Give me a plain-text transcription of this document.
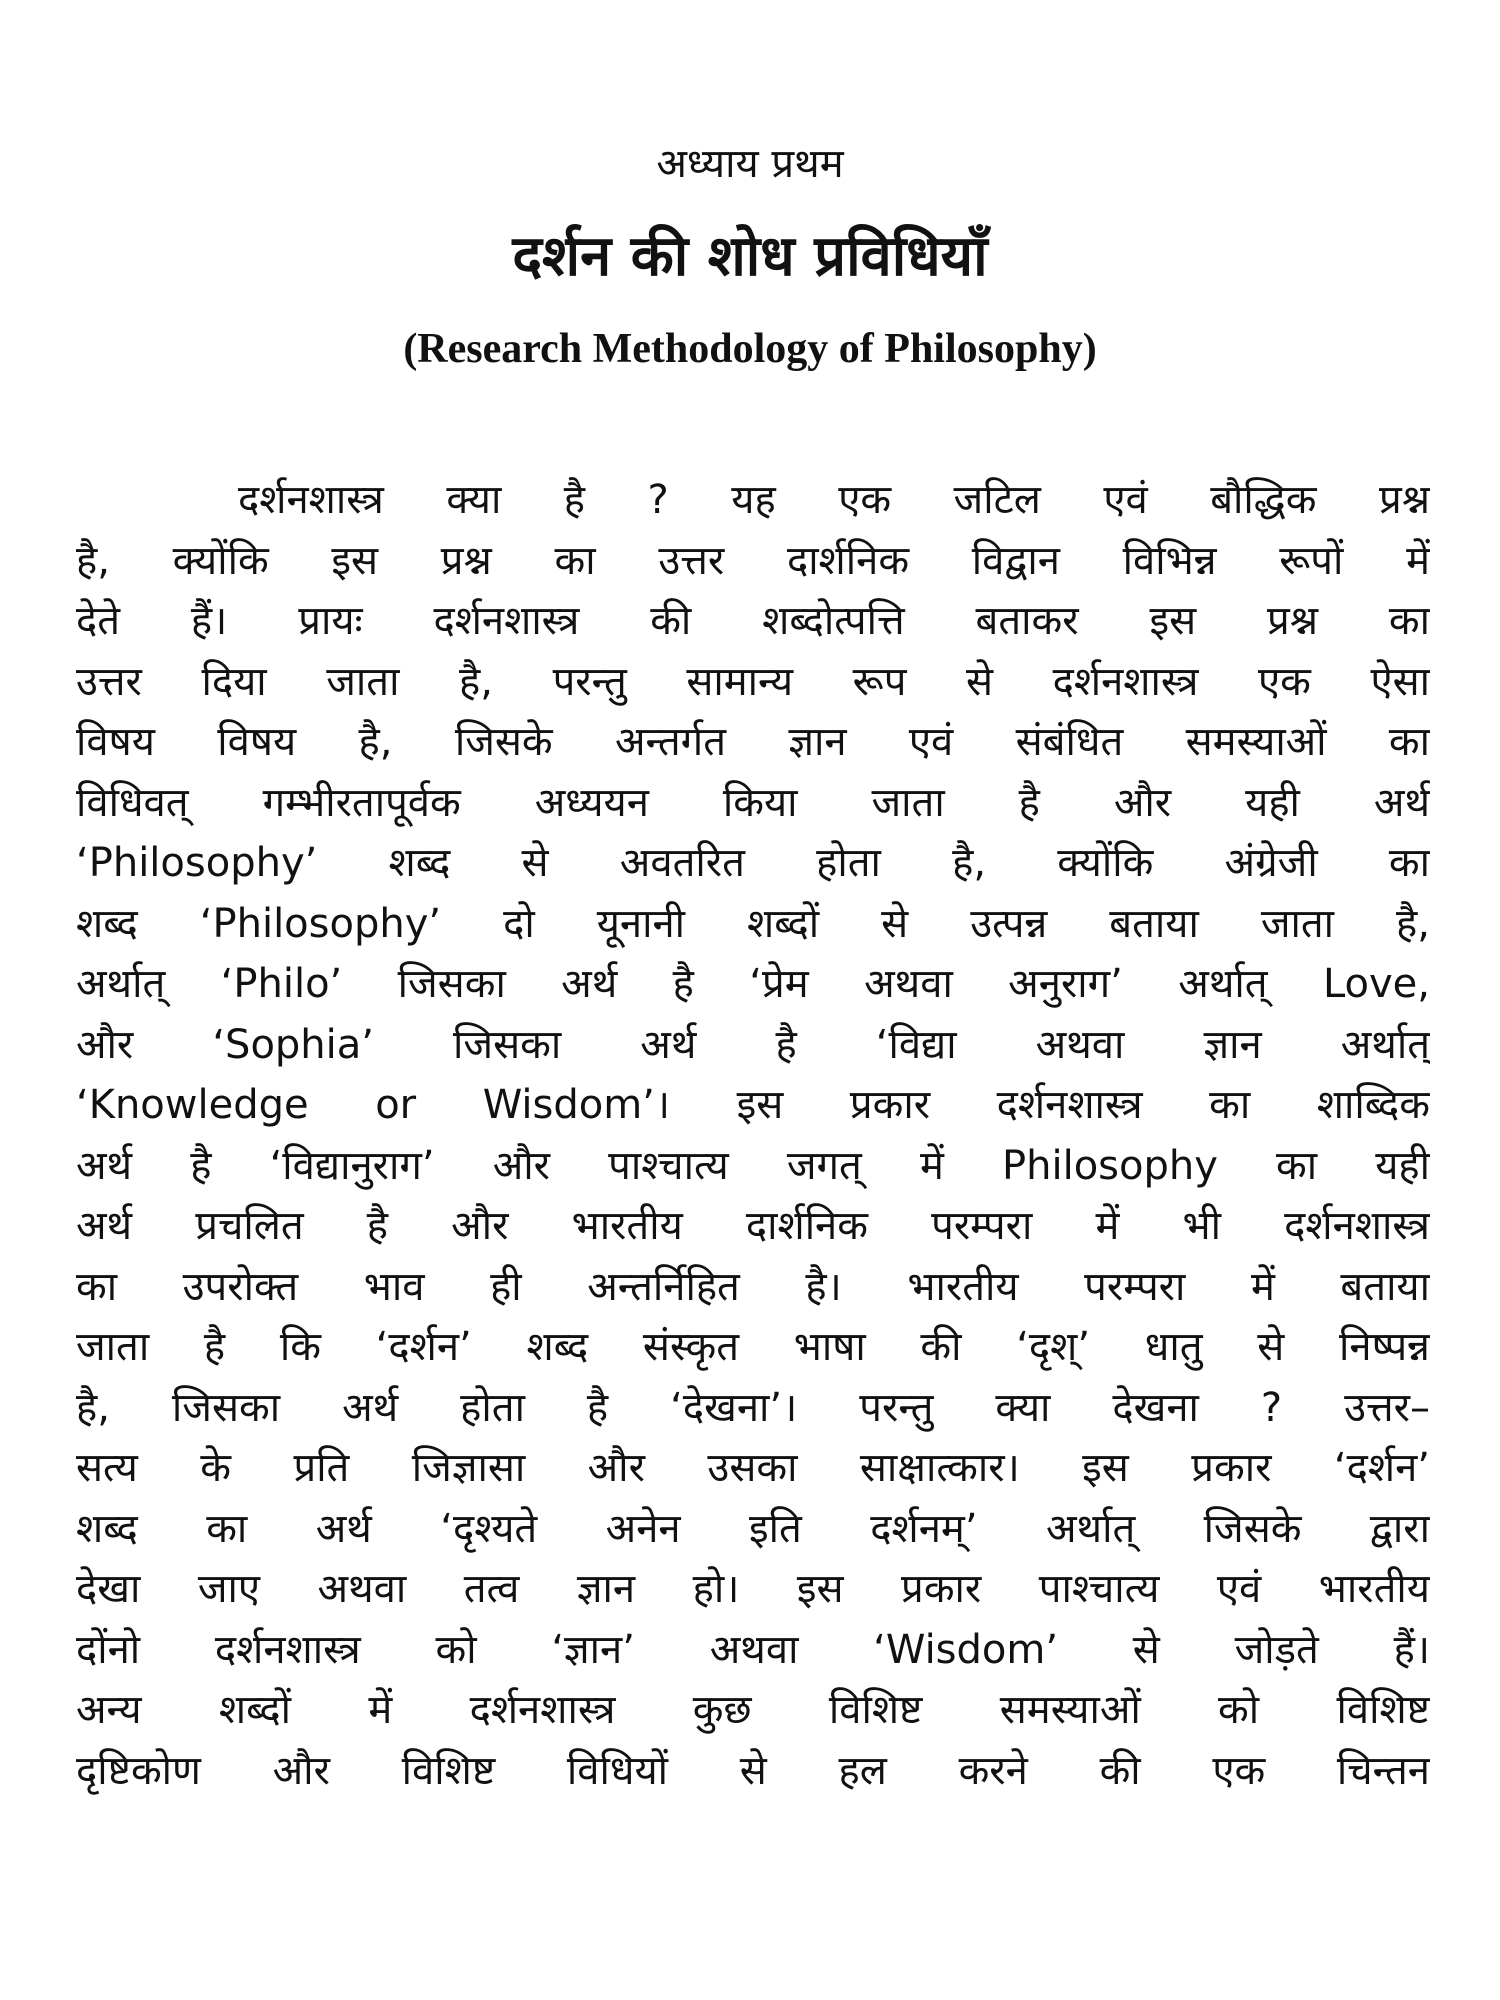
अध्याय प्रथम
दर्शन की शोध प्रविधियाँ
(Research Methodology of Philosophy)
दर्शनशास्त्र क्या है ? यह एक जटिल एवं बौद्धिक प्रश्न
है, क्योंकि इस प्रश्न का उत्तर दार्शनिक विद्वान विभिन्न रूपों में
देते हैं। प्रायः दर्शनशास्त्र की शब्दोत्पत्ति बताकर इस प्रश्न का
उत्तर दिया जाता है, परन्तु सामान्य रूप से दर्शनशास्त्र एक ऐसा
विषय विषय है, जिसके अन्तर्गत ज्ञान एवं संबंधित समस्याओं का
विधिवत् गम्भीरतापूर्वक अध्ययन किया जाता है और यही अर्थ
‘Philosophy’ शब्द से अवतरित होता है, क्योंकि अंग्रेजी का
शब्द ‘Philosophy’ दो यूनानी शब्दों से उत्पन्न बताया जाता है,
अर्थात् ‘Philo’ जिसका अर्थ है ‘प्रेम अथवा अनुराग’ अर्थात् Love,
और ‘Sophia’ जिसका अर्थ है ‘विद्या अथवा ज्ञान अर्थात्
‘Knowledge or Wisdom’। इस प्रकार दर्शनशास्त्र का शाब्दिक
अर्थ है ‘विद्यानुराग’ और पाश्चात्य जगत् में Philosophy का यही
अर्थ प्रचलित है और भारतीय दार्शनिक परम्परा में भी दर्शनशास्त्र
का उपरोक्त भाव ही अन्तर्निहित है। भारतीय परम्परा में बताया
जाता है कि ‘दर्शन’ शब्द संस्कृत भाषा की ‘दृश्’ धातु से निष्पन्न
है, जिसका अर्थ होता है ‘देखना’। परन्तु क्या देखना ? उत्तर–
सत्य के प्रति जिज्ञासा और उसका साक्षात्कार। इस प्रकार ‘दर्शन’
शब्द का अर्थ ‘दृश्यते अनेन इति दर्शनम्’ अर्थात् जिसके द्वारा
देखा जाए अथवा तत्व ज्ञान हो। इस प्रकार पाश्चात्य एवं भारतीय
दोंनो दर्शनशास्त्र को ‘ज्ञान’ अथवा ‘Wisdom’ से जोड़ते हैं।
अन्य शब्दों में दर्शनशास्त्र कुछ विशिष्ट समस्याओं को विशिष्ट
दृष्टिकोण और विशिष्ट विधियों से हल करने की एक चिन्तन
